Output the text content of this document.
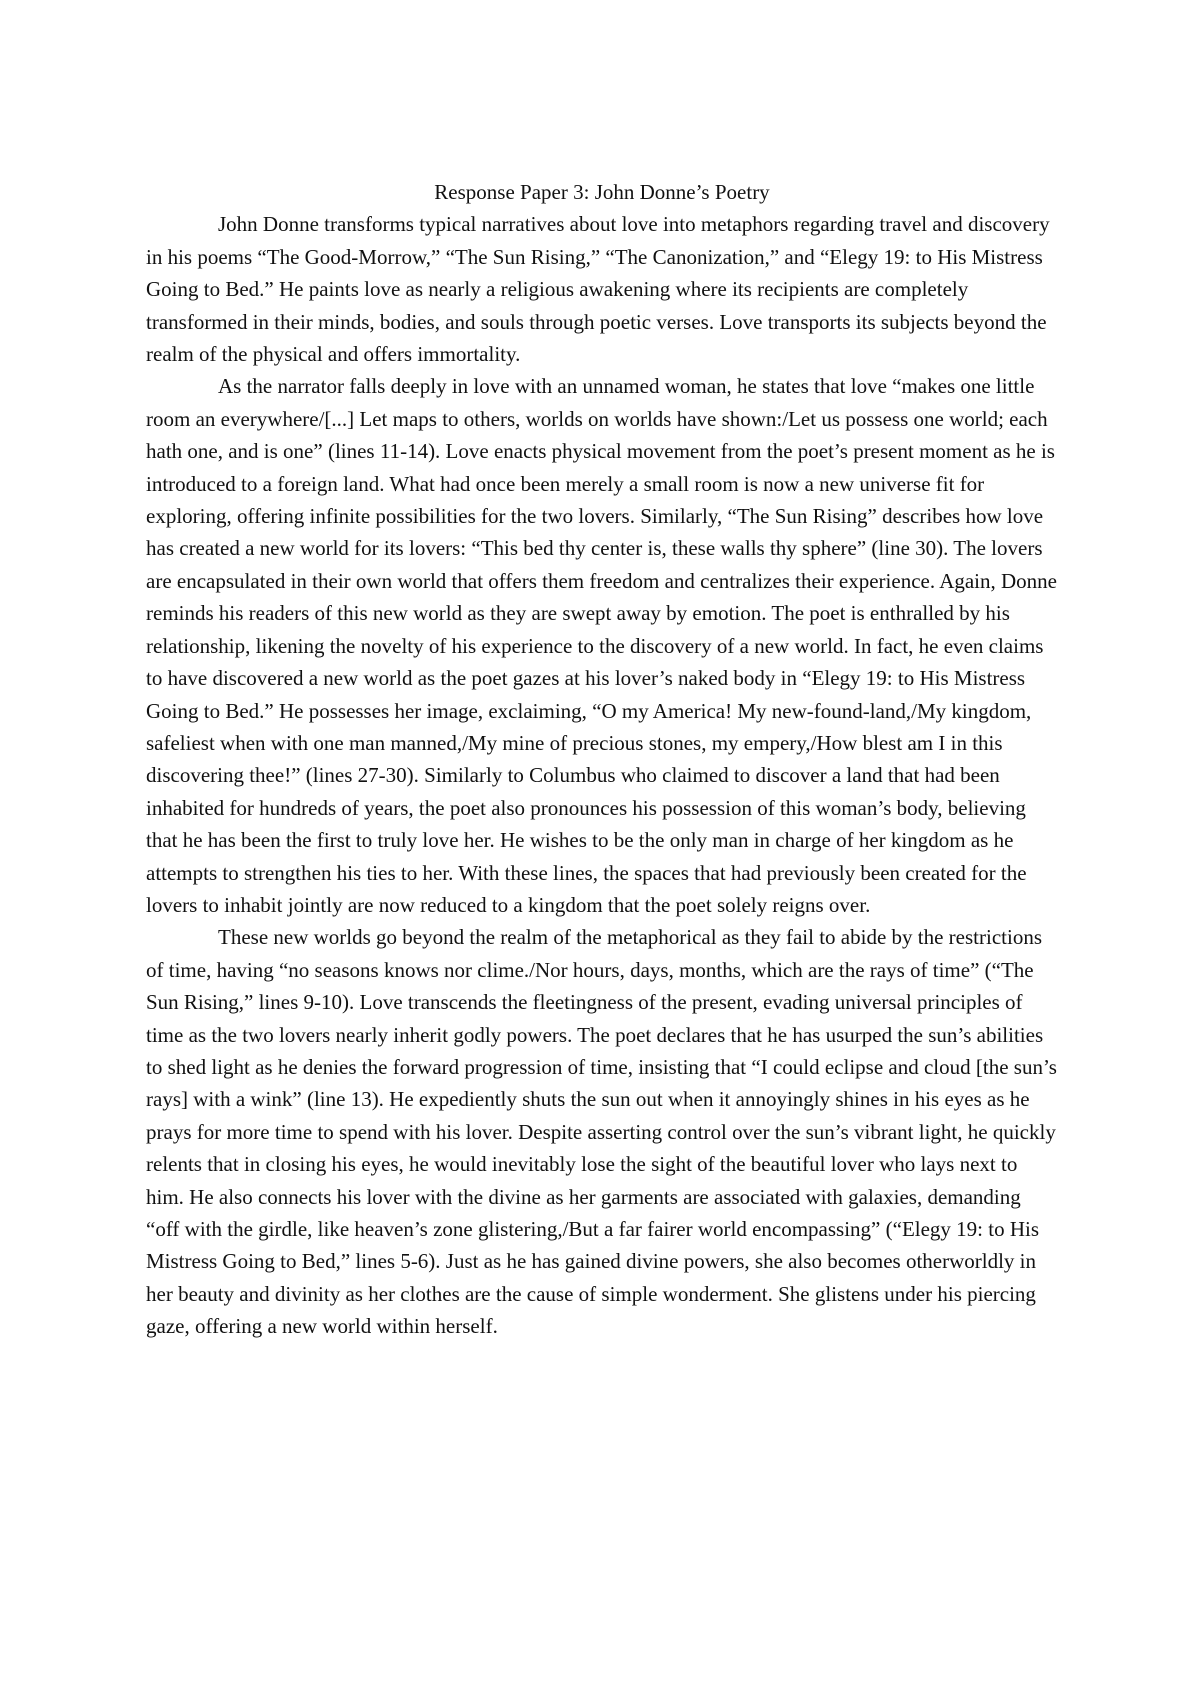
Response Paper 3: John Donne’s Poetry

John Donne transforms typical narratives about love into metaphors regarding travel and discovery in his poems “The Good-Morrow,” “The Sun Rising,” “The Canonization,” and “Elegy 19: to His Mistress Going to Bed.” He paints love as nearly a religious awakening where its recipients are completely transformed in their minds, bodies, and souls through poetic verses. Love transports its subjects beyond the realm of the physical and offers immortality.

As the narrator falls deeply in love with an unnamed woman, he states that love “makes one little room an everywhere/[...] Let maps to others, worlds on worlds have shown:/Let us possess one world; each hath one, and is one” (lines 11-14). Love enacts physical movement from the poet’s present moment as he is introduced to a foreign land. What had once been merely a small room is now a new universe fit for exploring, offering infinite possibilities for the two lovers. Similarly, “The Sun Rising” describes how love has created a new world for its lovers: “This bed thy center is, these walls thy sphere” (line 30). The lovers are encapsulated in their own world that offers them freedom and centralizes their experience. Again, Donne reminds his readers of this new world as they are swept away by emotion. The poet is enthralled by his relationship, likening the novelty of his experience to the discovery of a new world. In fact, he even claims to have discovered a new world as the poet gazes at his lover’s naked body in “Elegy 19: to His Mistress Going to Bed.” He possesses her image, exclaiming, “O my America! My new-found-land,/My kingdom, safeliest when with one man manned,/My mine of precious stones, my empery,/How blest am I in this discovering thee!” (lines 27-30). Similarly to Columbus who claimed to discover a land that had been inhabited for hundreds of years, the poet also pronounces his possession of this woman’s body, believing that he has been the first to truly love her. He wishes to be the only man in charge of her kingdom as he attempts to strengthen his ties to her. With these lines, the spaces that had previously been created for the lovers to inhabit jointly are now reduced to a kingdom that the poet solely reigns over.

These new worlds go beyond the realm of the metaphorical as they fail to abide by the restrictions of time, having “no seasons knows nor clime./Nor hours, days, months, which are the rays of time” (“The Sun Rising,” lines 9-10). Love transcends the fleetingness of the present, evading universal principles of time as the two lovers nearly inherit godly powers. The poet declares that he has usurped the sun’s abilities to shed light as he denies the forward progression of time, insisting that “I could eclipse and cloud [the sun’s rays] with a wink” (line 13). He expediently shuts the sun out when it annoyingly shines in his eyes as he prays for more time to spend with his lover. Despite asserting control over the sun’s vibrant light, he quickly relents that in closing his eyes, he would inevitably lose the sight of the beautiful lover who lays next to him. He also connects his lover with the divine as her garments are associated with galaxies, demanding “off with the girdle, like heaven’s zone glistering,/But a far fairer world encompassing” (“Elegy 19: to His Mistress Going to Bed,” lines 5-6). Just as he has gained divine powers, she also becomes otherworldly in her beauty and divinity as her clothes are the cause of simple wonderment. She glistens under his piercing gaze, offering a new world within herself.
